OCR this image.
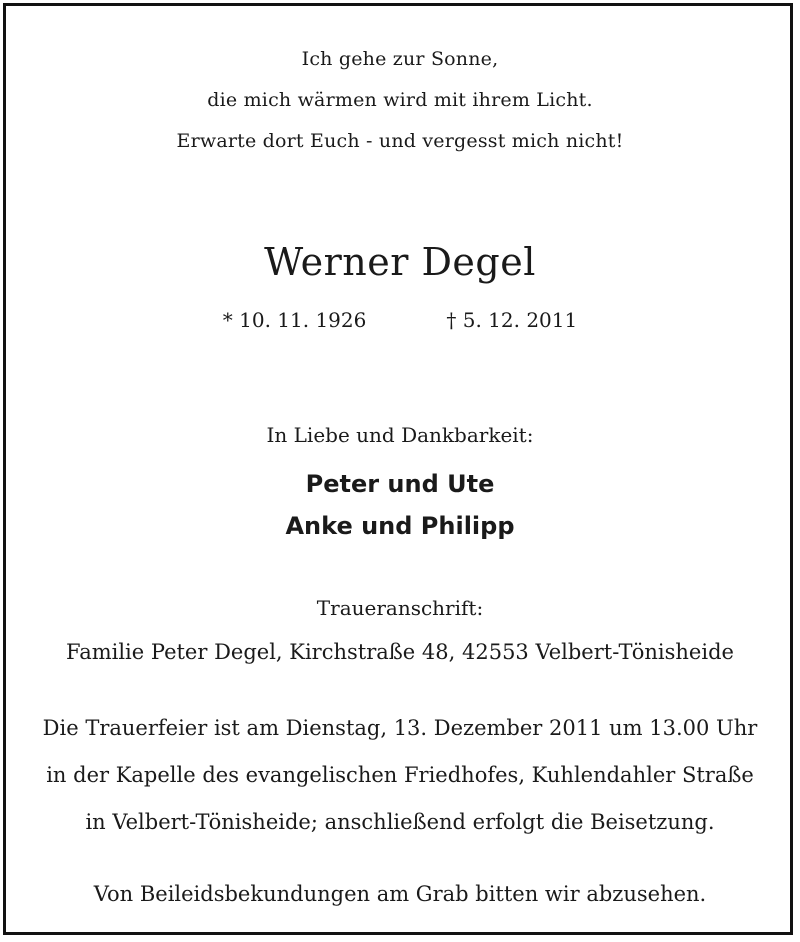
Ich gehe zur Sonne,
die mich wärmen wird mit ihrem Licht.
Erwarte dort Euch - und vergesst mich nicht!
Werner Degel
* 10. 11. 1926	† 5. 12. 2011
In Liebe und Dankbarkeit:
Peter und Ute
Anke und Philipp
Traueranschrift:
Familie Peter Degel, Kirchstraße 48, 42553 Velbert-Tönisheide
Die Trauerfeier ist am Dienstag, 13. Dezember 2011 um 13.00 Uhr
in der Kapelle des evangelischen Friedhofes, Kuhlendahler Straße
in Velbert-Tönisheide; anschließend erfolgt die Beisetzung.
Von Beileidsbekundungen am Grab bitten wir abzusehen.
